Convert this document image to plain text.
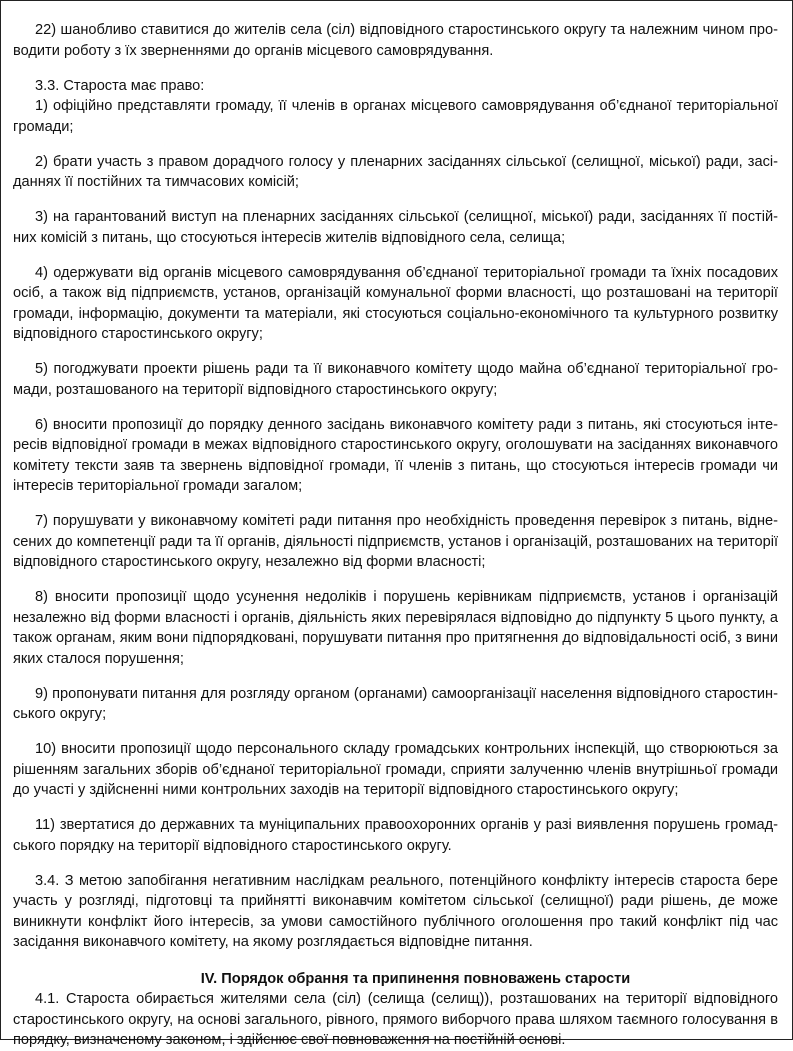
22) шанобливо ставитися до жителів села (сіл) відповідного старостинського округу та належним чином проводити роботу з їх зверненнями до органів місцевого самоврядування.

3.3. Староста має право:

1) офіційно представляти громаду, її членів в органах місцевого самоврядування об’єднаної територіальної громади;

2) брати участь з правом дорадчого голосу у пленарних засіданнях сільської (селищної, міської) ради, засіданнях її постійних та тимчасових комісій;

3) на гарантований виступ на пленарних засіданнях сільської (селищної, міської) ради, засіданнях її постійних комісій з питань, що стосуються інтересів жителів відповідного села, селища;

4) одержувати від органів місцевого самоврядування об’єднаної територіальної громади та їхніх посадових осіб, а також від підприємств, установ, організацій комунальної форми власності, що розташовані на території громади, інформацію, документи та матеріали, які стосуються соціально-економічного та культурного розвитку відповідного старостинського округу;

5) погоджувати проекти рішень ради та її виконавчого комітету щодо майна об’єднаної територіальної громади, розташованого на території відповідного старостинського округу;

6) вносити пропозиції до порядку денного засідань виконавчого комітету ради з питань, які стосуються інтересів відповідної громади в межах відповідного старостинського округу, оголошувати на засіданнях виконавчого комітету тексти заяв та звернень відповідної громади, її членів з питань, що стосуються інтересів громади чи інтересів територіальної громади загалом;

7) порушувати у виконавчому комітеті ради питання про необхідність проведення перевірок з питань, віднесених до компетенції ради та її органів, діяльності підприємств, установ і організацій, розташованих на території відповідного старостинського округу, незалежно від форми власності;

8) вносити пропозиції щодо усунення недоліків і порушень керівникам підприємств, установ і організацій незалежно від форми власності і органів, діяльність яких перевірялася відповідно до підпункту 5 цього пункту, а також органам, яким вони підпорядковані, порушувати питання про притягнення до відповідальності осіб, з вини яких сталося порушення;

9) пропонувати питання для розгляду органом (органами) самоорганізації населення відповідного старостинського округу;

10) вносити пропозиції щодо персонального складу громадських контрольних інспекцій, що створюються за рішенням загальних зборів об’єднаної територіальної громади, сприяти залученню членів внутрішньої громади до участі у здійсненні ними контрольних заходів на території відповідного старостинського округу;

11) звертатися до державних та муніципальних правоохоронних органів у разі виявлення порушень громадського порядку на території відповідного старостинського округу.

3.4. З метою запобігання негативним наслідкам реального, потенційного конфлікту інтересів староста бере участь у розгляді, підготовці та прийнятті виконавчим комітетом сільської (селищної) ради рішень, де може виникнути конфлікт його інтересів, за умови самостійного публічного оголошення про такий конфлікт під час засідання виконавчого комітету, на якому розглядається відповідне питання.

IV. Порядок обрання та припинення повноважень старости

4.1. Староста обирається жителями села (сіл) (селища (селищ)), розташованих на території відповідного старостинського округу, на основі загального, рівного, прямого виборчого права шляхом таємного голосування в порядку, визначеному законом, і здійснює свої повноваження на постійній основі.
